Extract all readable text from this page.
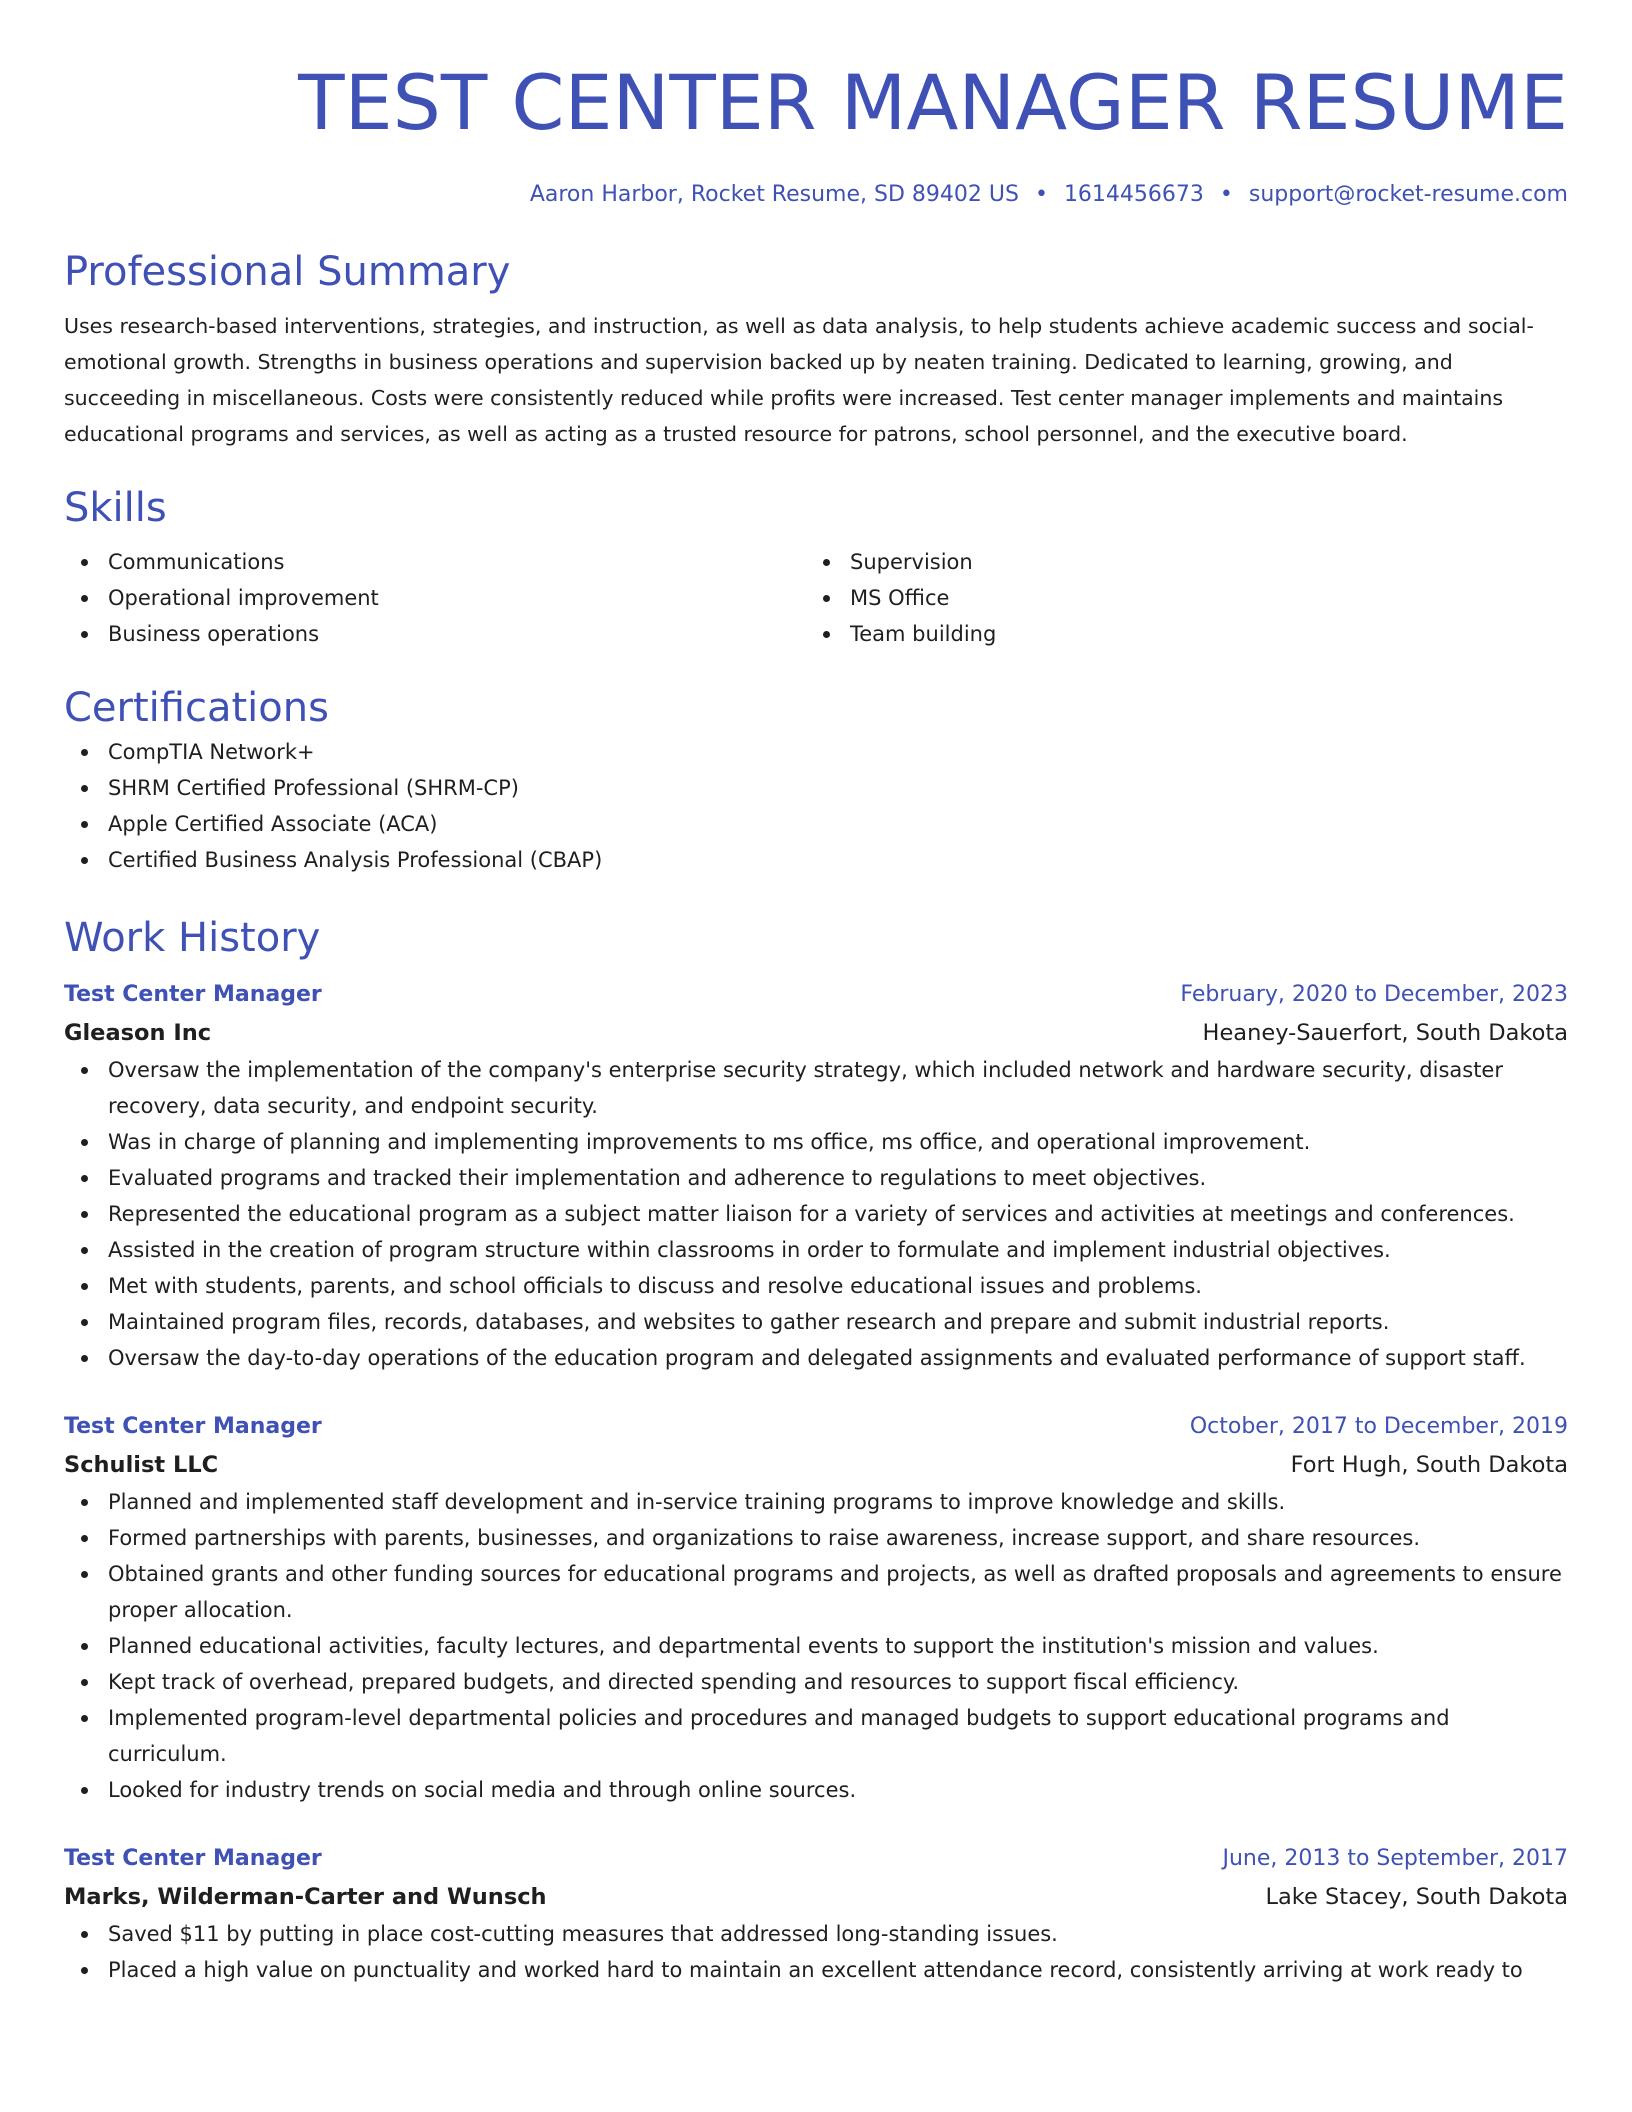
TEST CENTER MANAGER RESUME
Aaron Harbor, Rocket Resume, SD 89402 US • 1614456673 • support@rocket-resume.com
Professional Summary

Uses research-based interventions, strategies, and instruction, as well as data analysis, to help students achieve academic success and social-emotional growth. Strengths in business operations and supervision backed up by neaten training. Dedicated to learning, growing, and succeeding in miscellaneous. Costs were consistently reduced while profits were increased. Test center manager implements and maintains educational programs and services, as well as acting as a trusted resource for patrons, school personnel, and the executive board.

Skills
Communications
Operational improvement
Business operations
Supervision
MS Office
Team building
Certifications
CompTIA Network+
SHRM Certified Professional (SHRM-CP)
Apple Certified Associate (ACA)
Certified Business Analysis Professional (CBAP)
Work History
Test Center Manager	February, 2020 to December, 2023
Gleason Inc	Heaney-Sauerfort, South Dakota
Oversaw the implementation of the company's enterprise security strategy, which included network and hardware security, disaster recovery, data security, and endpoint security.
Was in charge of planning and implementing improvements to ms office, ms office, and operational improvement.
Evaluated programs and tracked their implementation and adherence to regulations to meet objectives.
Represented the educational program as a subject matter liaison for a variety of services and activities at meetings and conferences.
Assisted in the creation of program structure within classrooms in order to formulate and implement industrial objectives.
Met with students, parents, and school officials to discuss and resolve educational issues and problems.
Maintained program files, records, databases, and websites to gather research and prepare and submit industrial reports.
Oversaw the day-to-day operations of the education program and delegated assignments and evaluated performance of support staff.
Test Center Manager	October, 2017 to December, 2019
Schulist LLC	Fort Hugh, South Dakota
Planned and implemented staff development and in-service training programs to improve knowledge and skills.
Formed partnerships with parents, businesses, and organizations to raise awareness, increase support, and share resources.
Obtained grants and other funding sources for educational programs and projects, as well as drafted proposals and agreements to ensure proper allocation.
Planned educational activities, faculty lectures, and departmental events to support the institution's mission and values.
Kept track of overhead, prepared budgets, and directed spending and resources to support fiscal efficiency.
Implemented program-level departmental policies and procedures and managed budgets to support educational programs and curriculum.
Looked for industry trends on social media and through online sources.
Test Center Manager	June, 2013 to September, 2017
Marks, Wilderman-Carter and Wunsch	Lake Stacey, South Dakota
Saved $11 by putting in place cost-cutting measures that addressed long-standing issues.
Placed a high value on punctuality and worked hard to maintain an excellent attendance record, consistently arriving at work ready to
